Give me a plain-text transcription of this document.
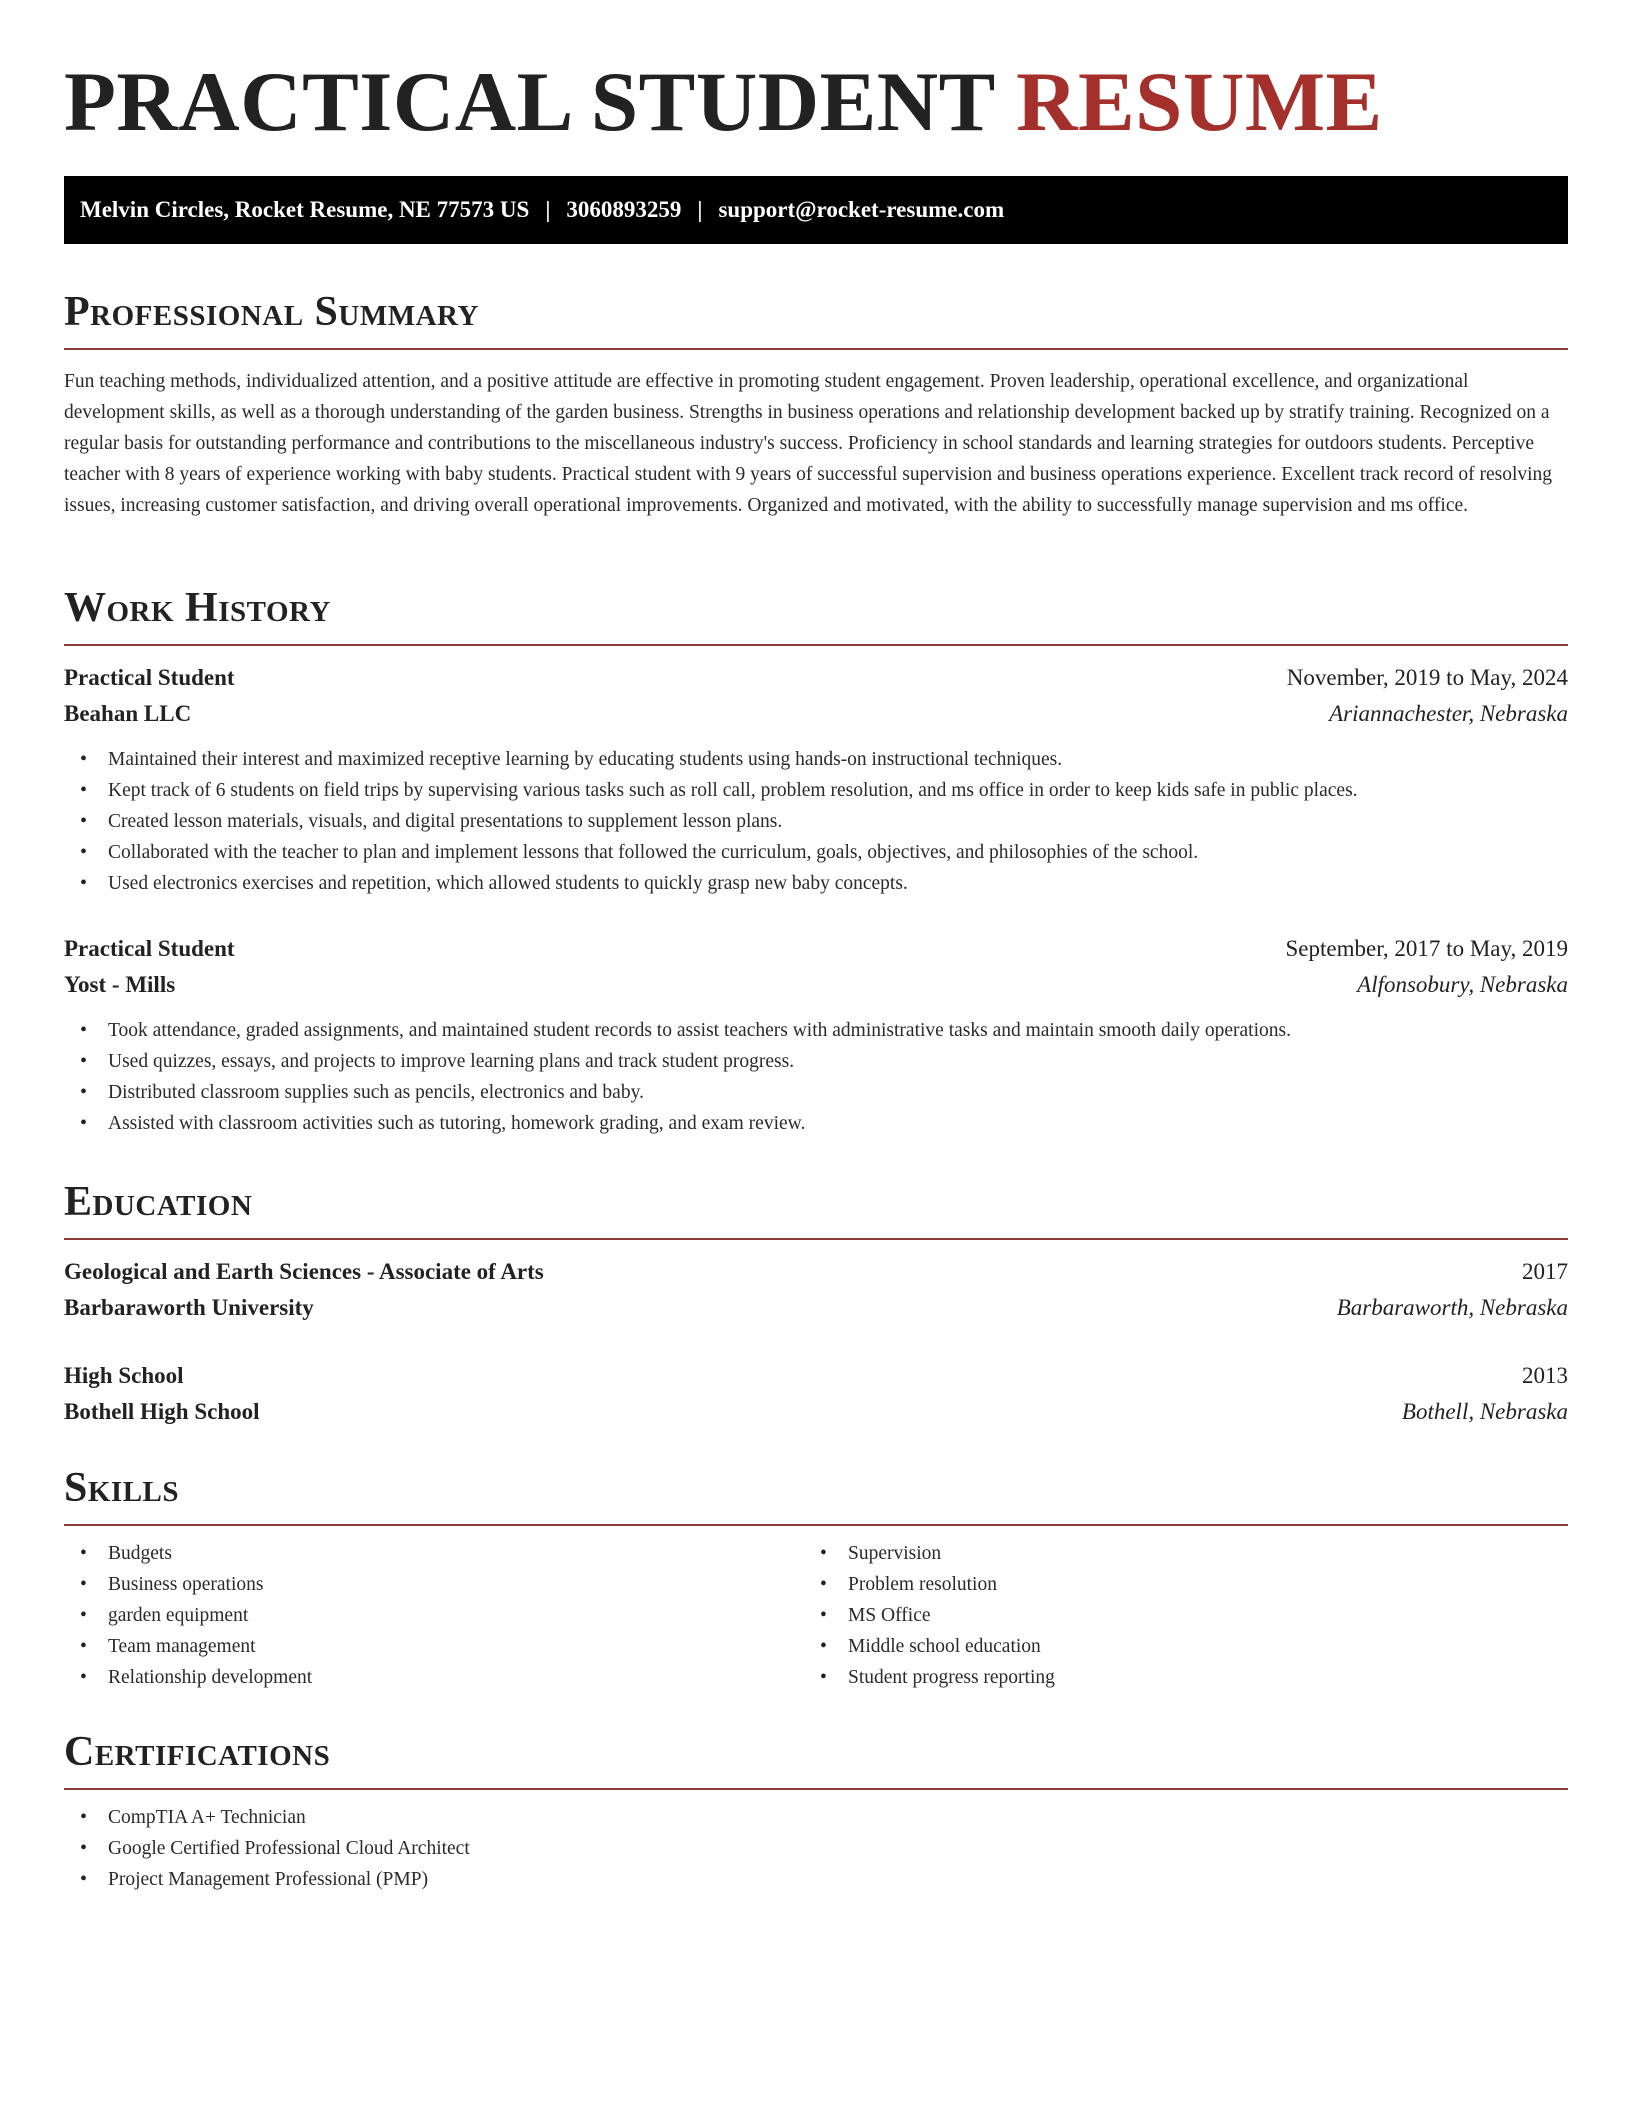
PRACTICAL STUDENT RESUME
Melvin Circles, Rocket Resume, NE 77573 US | 3060893259 | support@rocket-resume.com
Professional Summary

Fun teaching methods, individualized attention, and a positive attitude are effective in promoting student engagement. Proven leadership, operational excellence, and organizational development skills, as well as a thorough understanding of the garden business. Strengths in business operations and relationship development backed up by stratify training. Recognized on a regular basis for outstanding performance and contributions to the miscellaneous industry's success. Proficiency in school standards and learning strategies for outdoors students. Perceptive teacher with 8 years of experience working with baby students. Practical student with 9 years of successful supervision and business operations experience. Excellent track record of resolving issues, increasing customer satisfaction, and driving overall operational improvements. Organized and motivated, with the ability to successfully manage supervision and ms office.

Work History
Practical Student	November, 2019 to May, 2024
Beahan LLC	Ariannachester, Nebraska
• Maintained their interest and maximized receptive learning by educating students using hands-on instructional techniques.
• Kept track of 6 students on field trips by supervising various tasks such as roll call, problem resolution, and ms office in order to keep kids safe in public places.
• Created lesson materials, visuals, and digital presentations to supplement lesson plans.
• Collaborated with the teacher to plan and implement lessons that followed the curriculum, goals, objectives, and philosophies of the school.
• Used electronics exercises and repetition, which allowed students to quickly grasp new baby concepts.
Practical Student	September, 2017 to May, 2019
Yost - Mills	Alfonsobury, Nebraska
• Took attendance, graded assignments, and maintained student records to assist teachers with administrative tasks and maintain smooth daily operations.
• Used quizzes, essays, and projects to improve learning plans and track student progress.
• Distributed classroom supplies such as pencils, electronics and baby.
• Assisted with classroom activities such as tutoring, homework grading, and exam review.
Education
Geological and Earth Sciences - Associate of Arts	2017
Barbaraworth University	Barbaraworth, Nebraska
High School	2013
Bothell High School	Bothell, Nebraska
Skills
• Budgets
• Business operations
• garden equipment
• Team management
• Relationship development
• Supervision
• Problem resolution
• MS Office
• Middle school education
• Student progress reporting
Certifications
• CompTIA A+ Technician
• Google Certified Professional Cloud Architect
• Project Management Professional (PMP)
